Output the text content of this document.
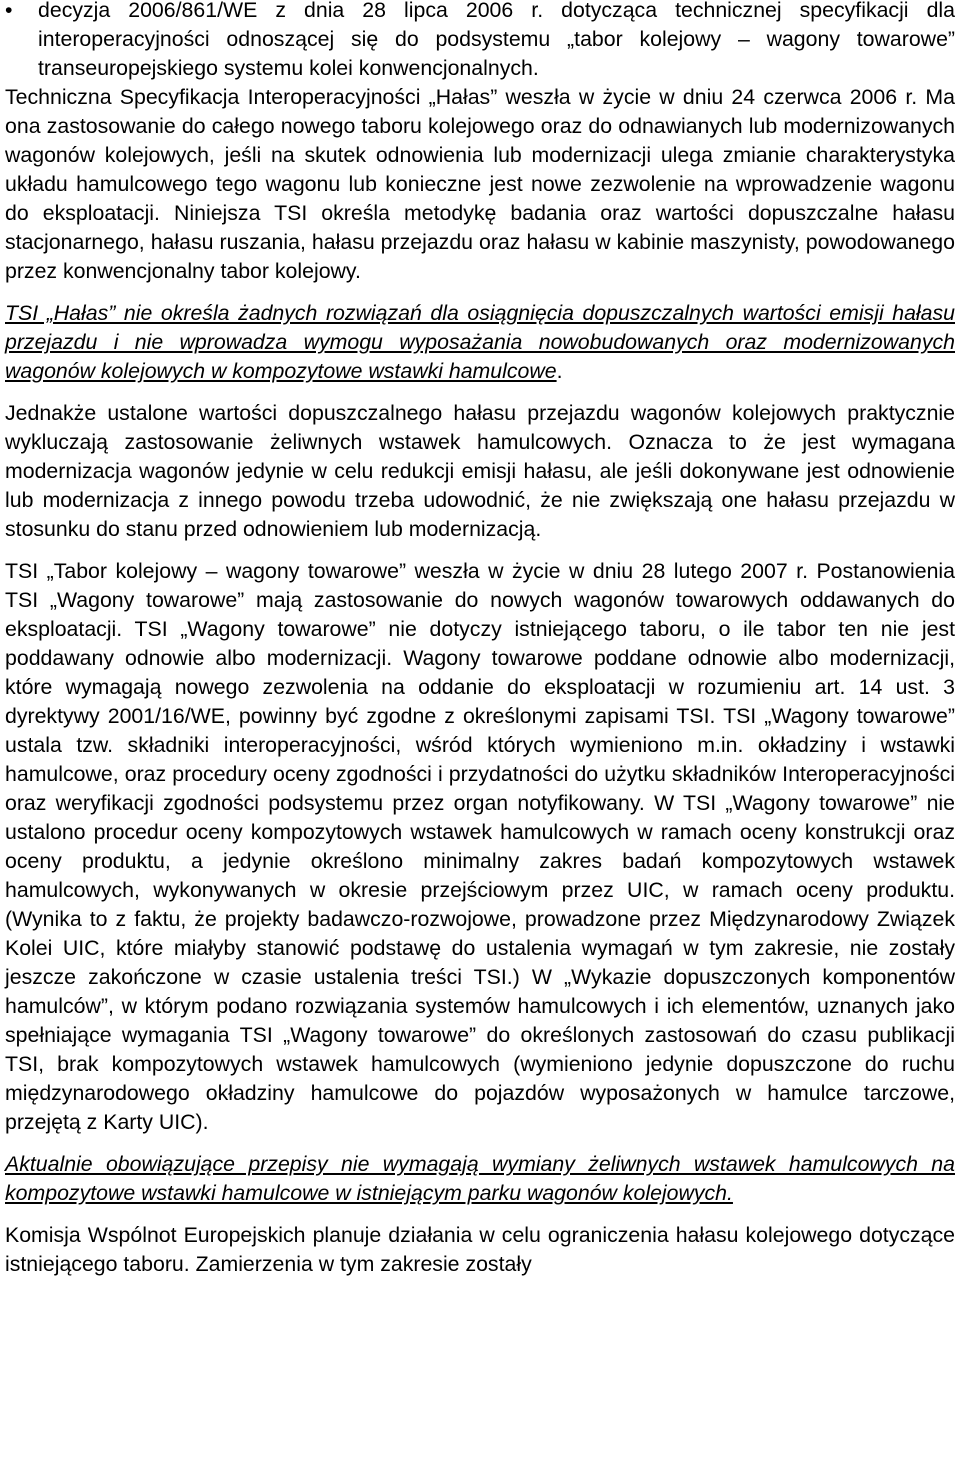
•	decyzja 2006/861/WE z dnia 28 lipca 2006 r. dotycząca technicznej specyfikacji dla interoperacyjności odnoszącej się do podsystemu „tabor kolejowy – wagony towarowe” transeuropejskiego systemu kolei konwencjonalnych.

Techniczna Specyfikacja Interoperacyjności „Hałas” weszła w życie w dniu 24 czerwca 2006 r. Ma ona zastosowanie do całego nowego taboru kolejowego oraz do odnawianych lub modernizowanych wagonów kolejowych, jeśli na skutek odnowienia lub modernizacji ulega zmianie charakterystyka układu hamulcowego tego wagonu lub konieczne jest nowe zezwolenie na wprowadzenie wagonu do eksploatacji. Niniejsza TSI określa metodykę badania oraz wartości dopuszczalne hałasu stacjonarnego, hałasu ruszania, hałasu przejazdu oraz hałasu w kabinie maszynisty, powodowanego przez konwencjonalny tabor kolejowy.

TSI „Hałas” nie określa żadnych rozwiązań dla osiągnięcia dopuszczalnych wartości emisji hałasu przejazdu i nie wprowadza wymogu wyposażania nowobudowanych oraz modernizowanych wagonów kolejowych w kompozytowe wstawki hamulcowe.

Jednakże ustalone wartości dopuszczalnego hałasu przejazdu wagonów kolejowych praktycznie wykluczają zastosowanie żeliwnych wstawek hamulcowych. Oznacza to że jest wymagana modernizacja wagonów jedynie w celu redukcji emisji hałasu, ale jeśli dokonywane jest odnowienie lub modernizacja z innego powodu trzeba udowodnić, że nie zwiększają one hałasu przejazdu w stosunku do stanu przed odnowieniem lub modernizacją.

TSI „Tabor kolejowy – wagony towarowe” weszła w życie w dniu 28 lutego 2007 r. Postanowienia TSI „Wagony towarowe” mają zastosowanie do nowych wagonów towarowych oddawanych do eksploatacji. TSI „Wagony towarowe” nie dotyczy istniejącego taboru, o ile tabor ten nie jest poddawany odnowie albo modernizacji. Wagony towarowe poddane odnowie albo modernizacji, które wymagają nowego zezwolenia na oddanie do eksploatacji w rozumieniu art. 14 ust. 3 dyrektywy 2001/16/WE, powinny być zgodne z określonymi zapisami TSI. TSI „Wagony towarowe” ustala tzw. składniki interoperacyjności, wśród których wymieniono m.in. okładziny i wstawki hamulcowe, oraz procedury oceny zgodności i przydatności do użytku składników Interoperacyjności oraz weryfikacji zgodności podsystemu przez organ notyfikowany. W TSI „Wagony towarowe” nie ustalono procedur oceny kompozytowych wstawek hamulcowych w ramach oceny konstrukcji oraz oceny produktu, a jedynie określono minimalny zakres badań kompozytowych wstawek hamulcowych, wykonywanych w okresie przejściowym przez UIC, w ramach oceny produktu. (Wynika to z faktu, że projekty badawczo-rozwojowe, prowadzone przez Międzynarodowy Związek Kolei UIC, które miałyby stanowić podstawę do ustalenia wymagań w tym zakresie, nie zostały jeszcze zakończone w czasie ustalenia treści TSI.) W „Wykazie dopuszczonych komponentów hamulców”, w którym podano rozwiązania systemów hamulcowych i ich elementów, uznanych jako spełniające wymagania TSI „Wagony towarowe” do określonych zastosowań do czasu publikacji TSI, brak kompozytowych wstawek hamulcowych (wymieniono jedynie dopuszczone do ruchu międzynarodowego okładziny hamulcowe do pojazdów wyposażonych w hamulce tarczowe, przejętą z Karty UIC).

Aktualnie obowiązujące przepisy nie wymagają wymiany żeliwnych wstawek hamulcowych na kompozytowe wstawki hamulcowe w istniejącym parku wagonów kolejowych.

Komisja Wspólnot Europejskich planuje działania w celu ograniczenia hałasu kolejowego dotyczące istniejącego taboru. Zamierzenia w tym zakresie zostały
